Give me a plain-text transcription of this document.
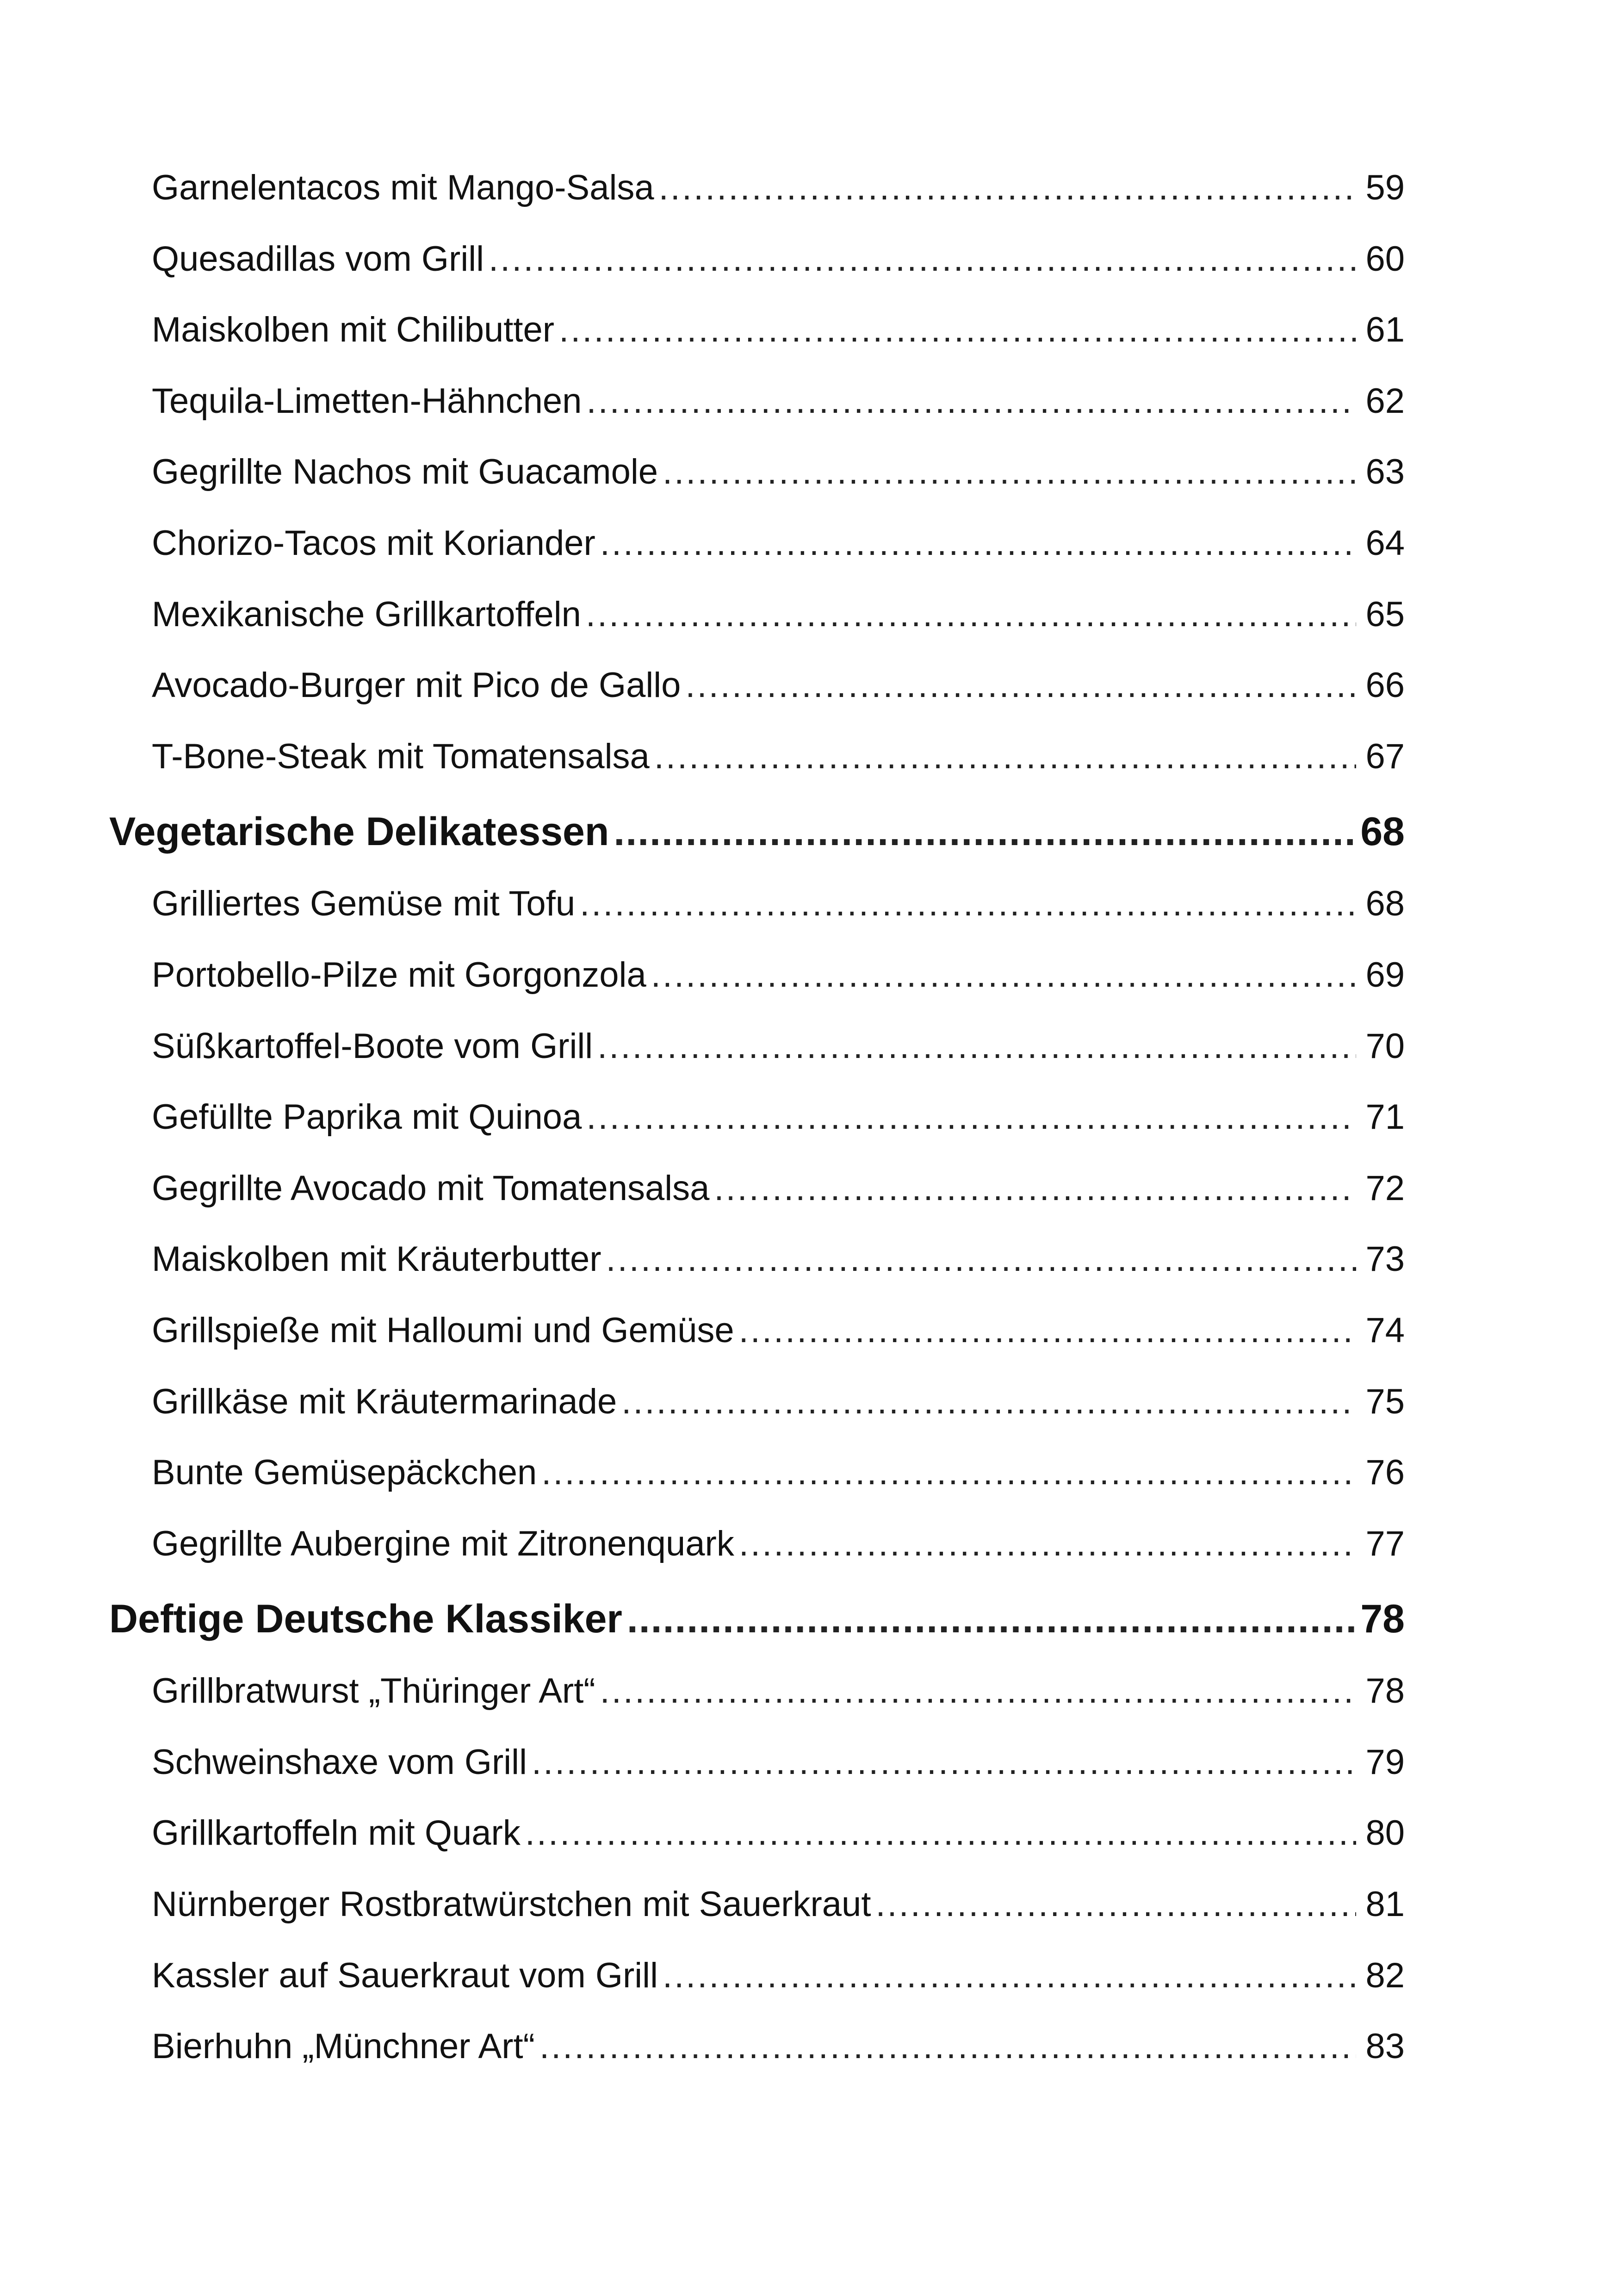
Garnelentacos mit Mango-Salsa .....	59
Quesadillas vom Grill .....	60
Maiskolben mit Chilibutter .....	61
Tequila-Limetten-Hähnchen .....	62
Gegrillte Nachos mit Guacamole .....	63
Chorizo-Tacos mit Koriander .....	64
Mexikanische Grillkartoffeln .....	65
Avocado-Burger mit Pico de Gallo .....	66
T-Bone-Steak mit Tomatensalsa .....	67
Vegetarische Delikatessen .....	68
Grilliertes Gemüse mit Tofu .....	68
Portobello-Pilze mit Gorgonzola .....	69
Süßkartoffel-Boote vom Grill .....	70
Gefüllte Paprika mit Quinoa .....	71
Gegrillte Avocado mit Tomatensalsa .....	72
Maiskolben mit Kräuterbutter .....	73
Grillspieße mit Halloumi und Gemüse .....	74
Grillkäse mit Kräutermarinade .....	75
Bunte Gemüsepäckchen .....	76
Gegrillte Aubergine mit Zitronenquark .....	77
Deftige Deutsche Klassiker .....	78
Grillbratwurst „Thüringer Art“ .....	78
Schweinshaxe vom Grill .....	79
Grillkartoffeln mit Quark .....	80
Nürnberger Rostbratwürstchen mit Sauerkraut .....	81
Kassler auf Sauerkraut vom Grill .....	82
Bierhuhn „Münchner Art“ .....	83
